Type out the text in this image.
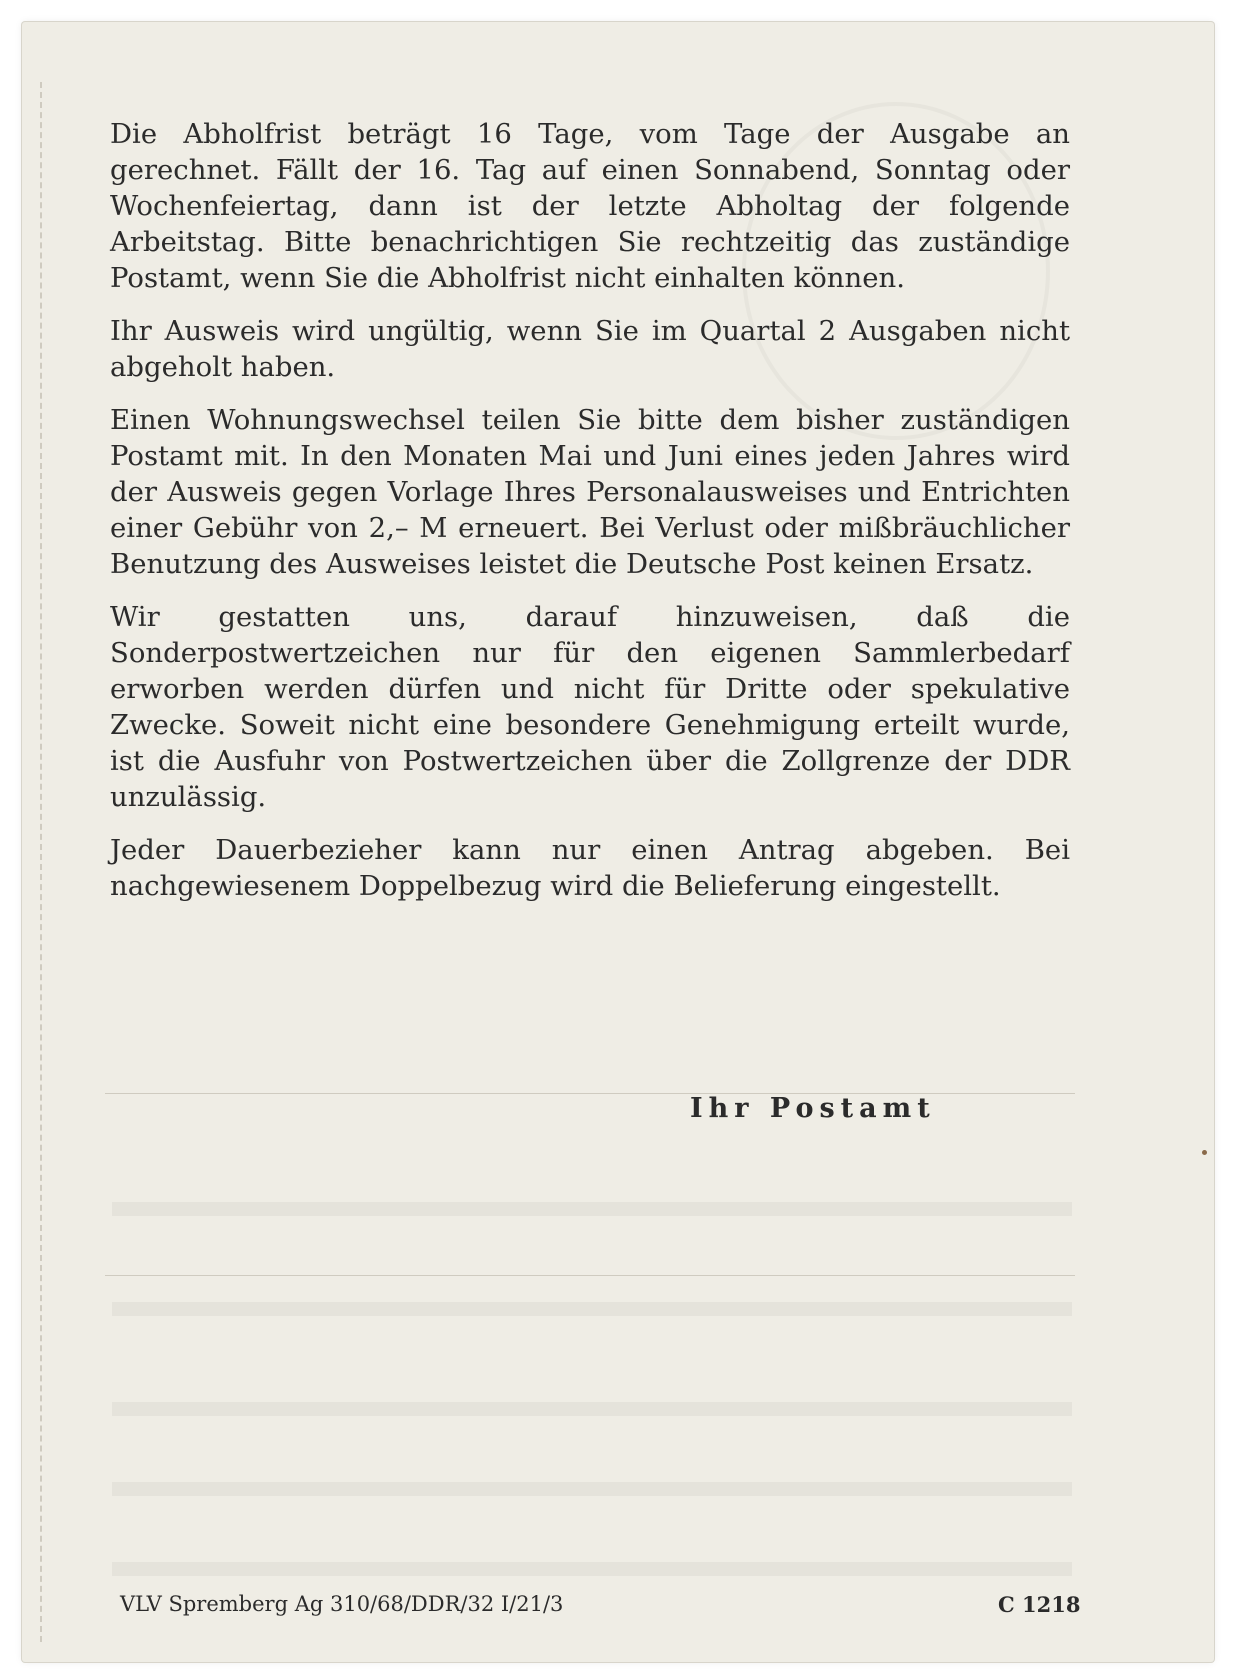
Die Abholfrist beträgt 16 Tage, vom Tage der Ausgabe an gerechnet. Fällt der 16. Tag auf einen Sonnabend, Sonntag oder Wochenfeiertag, dann ist der letzte Abholtag der folgende Arbeitstag. Bitte benachrichtigen Sie rechtzeitig das zuständige Postamt, wenn Sie die Abholfrist nicht einhalten können.

Ihr Ausweis wird ungültig, wenn Sie im Quartal 2 Ausgaben nicht abgeholt haben.

Einen Wohnungswechsel teilen Sie bitte dem bisher zuständigen Postamt mit. In den Monaten Mai und Juni eines jeden Jahres wird der Ausweis gegen Vorlage Ihres Personalausweises und Entrichten einer Gebühr von 2,– M erneuert. Bei Verlust oder mißbräuchlicher Benutzung des Ausweises leistet die Deutsche Post keinen Ersatz.

Wir gestatten uns, darauf hinzuweisen, daß die Sonderpostwertzeichen nur für den eigenen Sammlerbedarf erworben werden dürfen und nicht für Dritte oder spekulative Zwecke. Soweit nicht eine besondere Genehmigung erteilt wurde, ist die Ausfuhr von Postwertzeichen über die Zollgrenze der DDR unzulässig.

Jeder Dauerbezieher kann nur einen Antrag abgeben. Bei nachgewiesenem Doppelbezug wird die Belieferung eingestellt.

Ihr Postamt
VLV Spremberg Ag 310/68/DDR/32 I/21/3	C 1218
